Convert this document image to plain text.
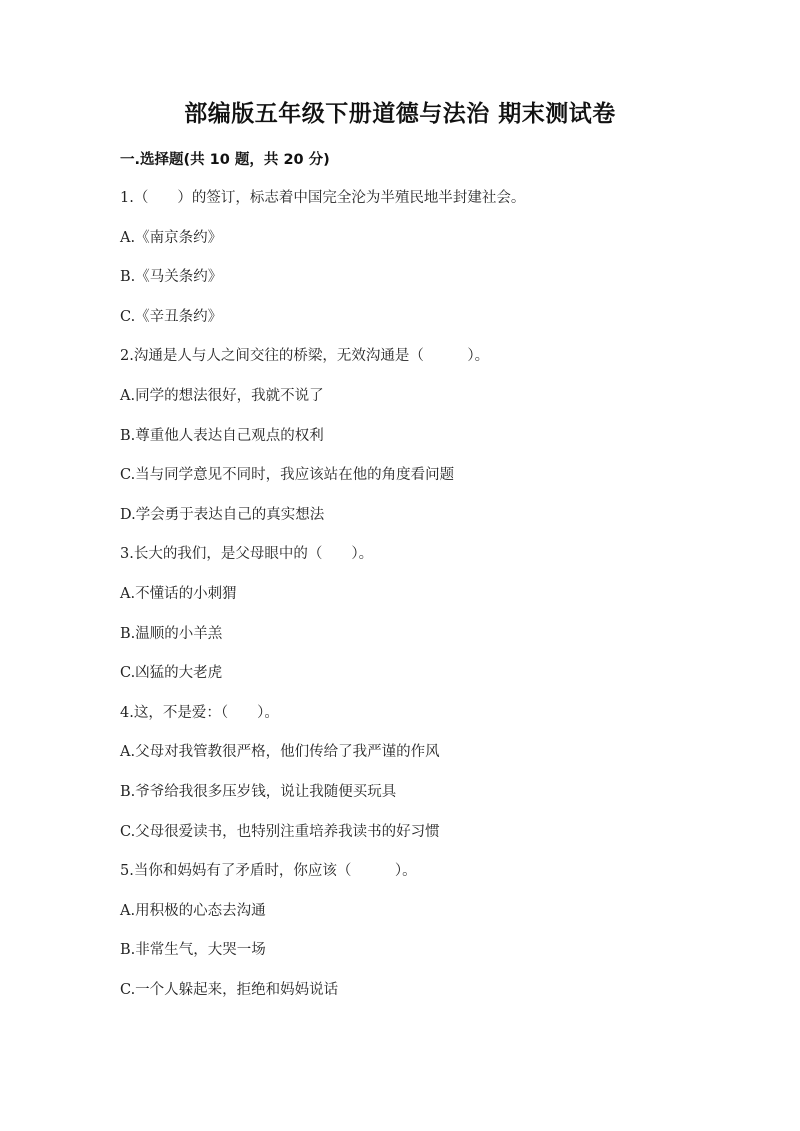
部编版五年级下册道德与法治 期末测试卷
一.选择题(共 10 题，共 20 分)
1.（　　）的签订，标志着中国完全沦为半殖民地半封建社会。
A.《南京条约》
B.《马关条约》
C.《辛丑条约》
2.沟通是人与人之间交往的桥梁，无效沟通是（　　　）。
A.同学的想法很好，我就不说了
B.尊重他人表达自己观点的权利
C.当与同学意见不同时，我应该站在他的角度看问题
D.学会勇于表达自己的真实想法
3.长大的我们，是父母眼中的（　　）。
A.不懂话的小刺猬
B.温顺的小羊羔
C.凶猛的大老虎
4.这，不是爱：（　　）。
A.父母对我管教很严格，他们传给了我严谨的作风
B.爷爷给我很多压岁钱，说让我随便买玩具
C.父母很爱读书，也特别注重培养我读书的好习惯
5.当你和妈妈有了矛盾时，你应该（　　　）。
A.用积极的心态去沟通
B.非常生气，大哭一场
C.一个人躲起来，拒绝和妈妈说话
